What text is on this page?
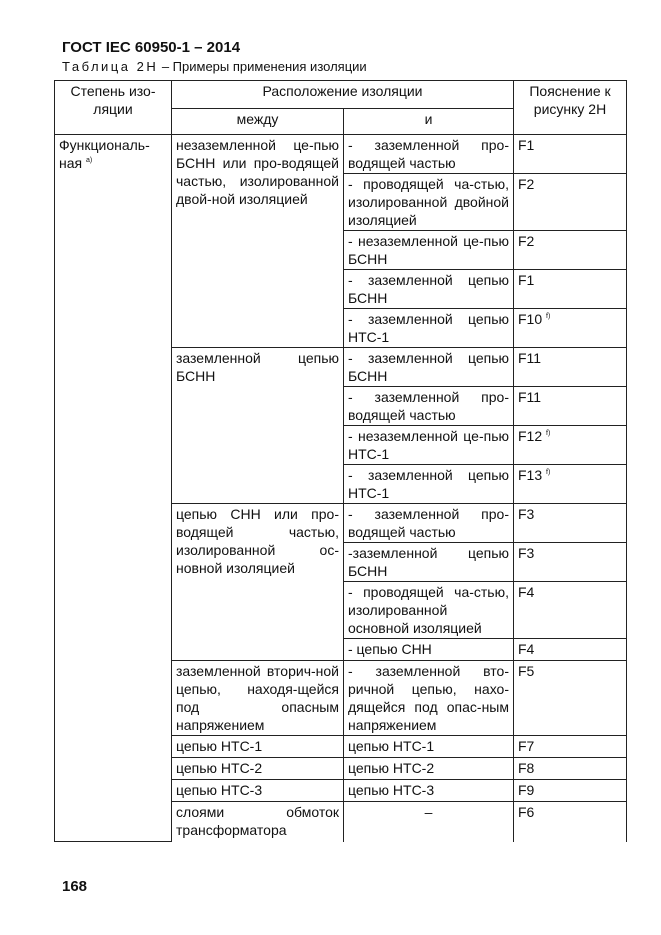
ГОСТ IEC 60950-1 – 2014
Таблица 2Н – Примеры применения изоляции
Степень изо-ляции	Расположение изоляции		Пояснение к рисунку 2Н
	между	и	
Функциональ-ная $^{a)}$	незаземленной це-пью БСНН или про-водящей частью, изолированной двой-ной изоляцией	- заземленной про-водящей частью	F1
		- проводящей ча-стью, изолированной двойной изоляцией	F2
		- незаземленной це-пью БСНН	F2
		- заземленной цепью БСНН	F1
		- заземленной цепью НТС-1	F10 $^{f)}$
	заземленной цепью БСНН	- заземленной цепью БСНН	F11
		- заземленной про-водящей частью	F11
		- незаземленной це-пью НТС-1	F12 $^{f)}$
		- заземленной цепью НТС-1	F13 $^{f)}$
	цепью СНН или про-водящей частью, изолированной ос-новной изоляцией	- заземленной про-водящей частью	F3
		-заземленной цепью БСНН	F3
		- проводящей ча-стью, изолированной основной изоляцией	F4
		- цепью СНН	F4
	заземленной вторич-ной цепью, находя-щейся под опасным напряжением	- заземленной вто-ричной цепью, нахо-дящейся под опас-ным напряжением	F5
	цепью НТС-1	цепью НТС-1	F7
	цепью НТС-2	цепью НТС-2	F8
	цепью НТС-3	цепью НТС-3	F9
	слоями обмоток трансформатора	–	F6
168
